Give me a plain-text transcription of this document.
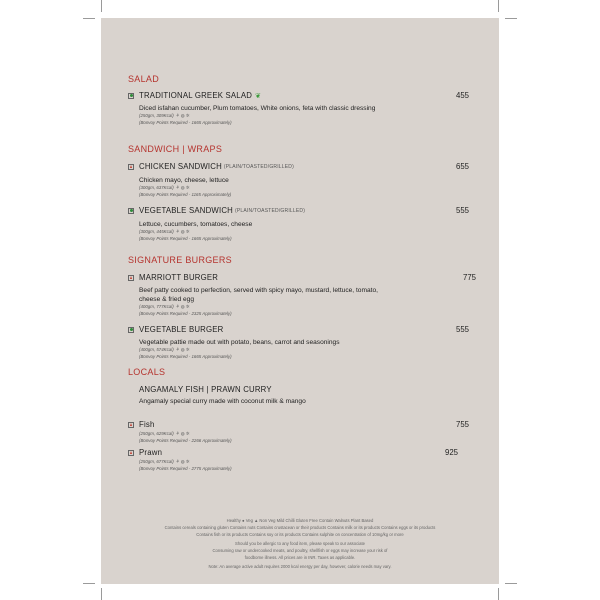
SALAD
TRADITIONAL GREEK SALAD ❦	455
Diced isfahan cucumber, Plum tomatoes, White onions, feta with classic dressing
(250gm, 309Kcal) ⚘ ◍ ✲
(Bonvoy Points Required - 1665 Approximately)
SANDWICH | WRAPS
CHICKEN SANDWICH (PLAIN/TOASTED/GRILLED)	655
Chicken mayo, cheese, lettuce
(300gm, 637Kcal) ⚘ ◍ ✲
(Bonvoy Points Required - 1165 Approximately)
VEGETABLE SANDWICH (PLAIN/TOASTED/GRILLED)	555
Lettuce, cucumbers, tomatoes, cheese
(300gm, 445Kcal) ⚘ ◍ ✲
(Bonvoy Points Required - 1665 Approximately)
SIGNATURE BURGERS
MARRIOTT BURGER	775
Beef patty cooked to perfection, served with spicy mayo, mustard, lettuce, tomato, cheese & fried egg
(400gm, 777Kcal) ⚘ ◍ ✲
(Bonvoy Points Required - 2325 Approximately)
VEGETABLE BURGER	555
Vegetable pattie made out with potato, beans, carrot and seasonings
(400gm, 574Kcal) ⚘ ◍ ✲
(Bonvoy Points Required - 1665 Approximately)
LOCALS
ANGAMALY FISH | PRAWN CURRY
Angamaly special curry made with coconut milk & mango
Fish	755
(250gm, 629Kcal) ⚘ ◍ ✲
(Bonvoy Points Required - 2266 Approximately)
Prawn	925
(250gm, 677Kcal) ⚘ ◍ ✲
(Bonvoy Points Required - 2775 Approximately)
Healthy ● Veg ▲ Non Veg Mild Chilli Gluten Free Contain Walnuts Plant Based
Contains cereals containing gluten Contains nuts Contains crustacean or their products Contains milk or its products Contains eggs or its products
Contains fish or its products Contains soy or its products Contains sulphite on concentration of 10mg/kg or more
Should you be allergic to any food item, please speak to our associate
Consuming raw or undercooked meats, and poultry, shellfish or eggs may increase your risk of
foodborne illness. All prices are in INR. Taxes as applicable.
Note: An average active adult requires 2000 kcal energy per day, however, calorie needs may vary.
